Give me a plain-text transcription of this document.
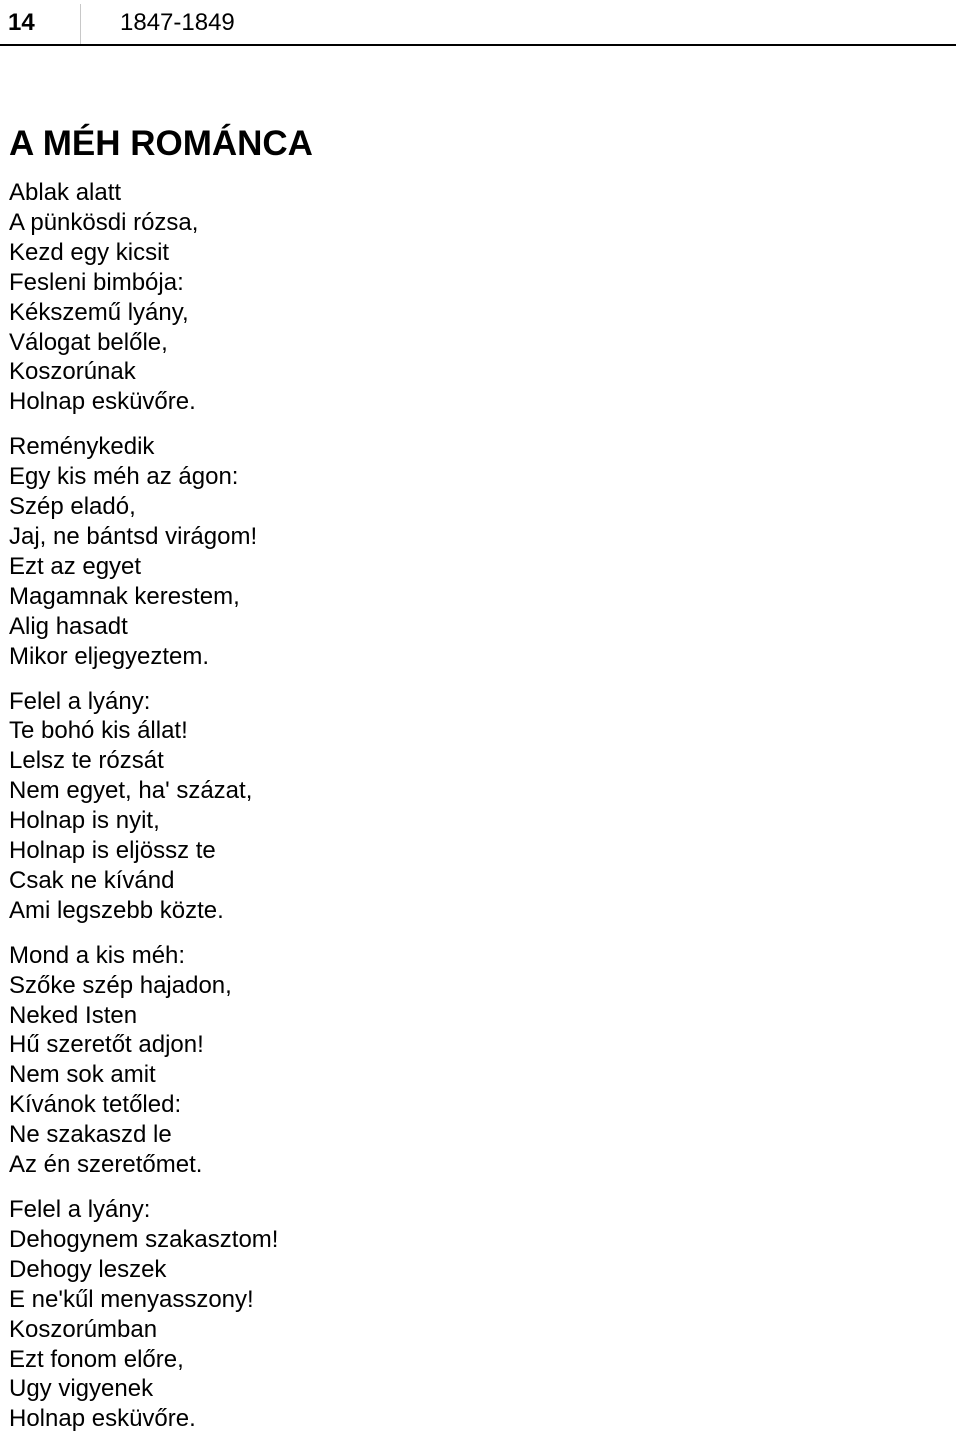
14	1847-1849
A MÉH ROMÁNCA
Ablak alatt
A pünkösdi rózsa,
Kezd egy kicsit
Fesleni bimbója:
Kékszemű lyány,
Válogat belőle,
Koszorúnak
Holnap esküvőre.
Reménykedik
Egy kis méh az ágon:
Szép eladó,
Jaj, ne bántsd virágom!
Ezt az egyet
Magamnak kerestem,
Alig hasadt
Mikor eljegyeztem.
Felel a lyány:
Te bohó kis állat!
Lelsz te rózsát
Nem egyet, ha' százat,
Holnap is nyit,
Holnap is eljössz te
Csak ne kívánd
Ami legszebb közte.
Mond a kis méh:
Szőke szép hajadon,
Neked Isten
Hű szeretőt adjon!
Nem sok amit
Kívánok tetőled:
Ne szakaszd le
Az én szeretőmet.
Felel a lyány:
Dehogynem szakasztom!
Dehogy leszek
E ne'kűl menyasszony!
Koszorúmban
Ezt fonom előre,
Ugy vigyenek
Holnap esküvőre.
